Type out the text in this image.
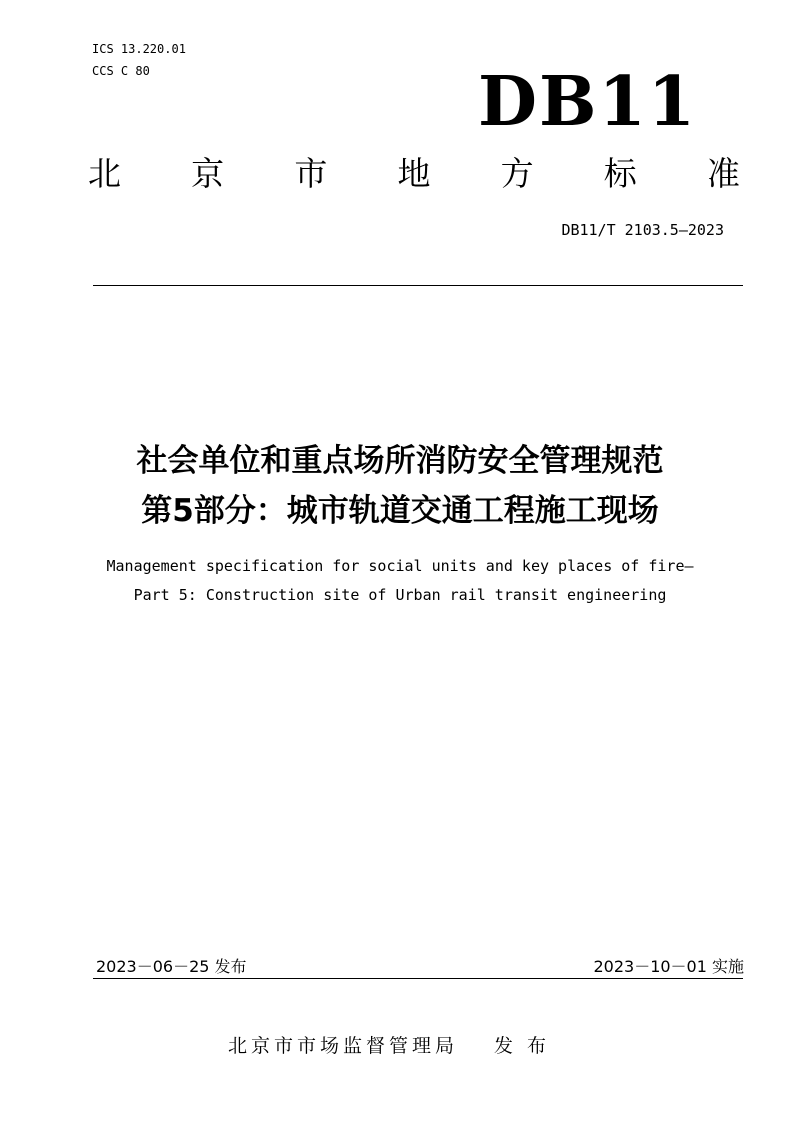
ICS 13.220.01
CCS C 80	DB11
北 京 市 地 方 标 准
DB11/T 2103.5—2023
社会单位和重点场所消防安全管理规范
第5部分：城市轨道交通工程施工现场
Management specification for social units and key places of fire—
Part 5: Construction site of Urban rail transit engineering
2023－06－25 发布	2023－10－01 实施
北京市市场监督管理局 发 布
